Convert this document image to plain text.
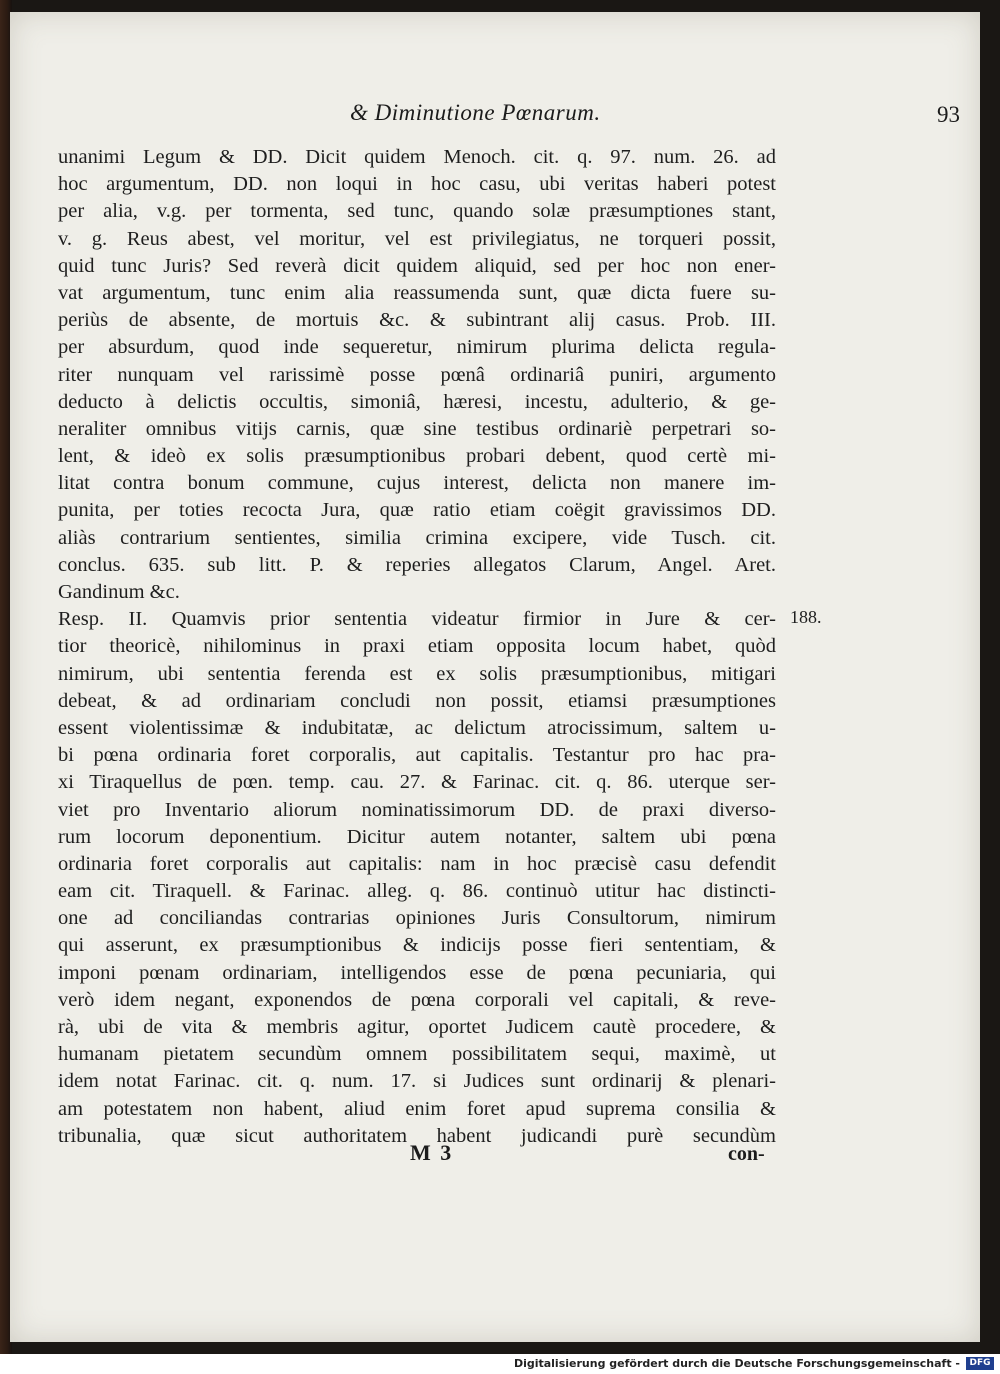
& Diminutione Pœnarum.	93
unanimi Legum & DD. Dicit quidem Menoch. cit. q. 97. num. 26. ad
hoc argumentum, DD. non loqui in hoc casu, ubi veritas haberi potest
per alia, v.g. per tormenta, sed tunc, quando solæ præsumptiones stant,
v. g. Reus abest, vel moritur, vel est privilegiatus, ne torqueri possit,
quid tunc Juris? Sed reverà dicit quidem aliquid, sed per hoc non ener-
vat argumentum, tunc enim alia reassumenda sunt, quæ dicta fuere su-
periùs de absente, de mortuis &c. & subintrant alij casus. Prob. III.
per absurdum, quod inde sequeretur, nimirum plurima delicta regula-
riter nunquam vel rarissimè posse pœnâ ordinariâ puniri, argumento
deducto à delictis occultis, simoniâ, hæresi, incestu, adulterio, & ge-
neraliter omnibus vitijs carnis, quæ sine testibus ordinariè perpetrari so-
lent, & ideò ex solis præsumptionibus probari debent, quod certè mi-
litat contra bonum commune, cujus interest, delicta non manere im-
punita, per toties recocta Jura, quæ ratio etiam coëgit gravissimos DD.
aliàs contrarium sentientes, similia crimina excipere, vide Tusch. cit.
conclus. 635. sub litt. P. & reperies allegatos Clarum, Angel. Aret.
Gandinum &c.
Resp. II. Quamvis prior sententia videatur firmior in Jure & cer-
tior theoricè, nihilominus in praxi etiam opposita locum habet, quòd
nimirum, ubi sententia ferenda est ex solis præsumptionibus, mitigari
debeat, & ad ordinariam concludi non possit, etiamsi præsumptiones
essent violentissimæ & indubitatæ, ac delictum atrocissimum, saltem u-
bi pœna ordinaria foret corporalis, aut capitalis. Testantur pro hac pra-
xi Tiraquellus de pœn. temp. cau. 27. & Farinac. cit. q. 86. uterque ser-
viet pro Inventario aliorum nominatissimorum DD. de praxi diverso-
rum locorum deponentium. Dicitur autem notanter, saltem ubi pœna
ordinaria foret corporalis aut capitalis: nam in hoc præcisè casu defendit
eam cit. Tiraquell. & Farinac. alleg. q. 86. continuò utitur hac distincti-
one ad conciliandas contrarias opiniones Juris Consultorum, nimirum
qui asserunt, ex præsumptionibus & indicijs posse fieri sententiam, &
imponi pœnam ordinariam, intelligendos esse de pœna pecuniaria, qui
verò idem negant, exponendos de pœna corporali vel capitali, & reve-
rà, ubi de vita & membris agitur, oportet Judicem cautè procedere, &
humanam pietatem secundùm omnem possibilitatem sequi, maximè, ut
idem notat Farinac. cit. q. num. 17. si Judices sunt ordinarij & plenari-
am potestatem non habent, aliud enim foret apud suprema consilia &
tribunalia, quæ sicut authoritatem habent judicandi purè secundùm
188.
M 3	con-
Digitalisierung gefördert durch die Deutsche Forschungsgemeinschaft -	DFG
